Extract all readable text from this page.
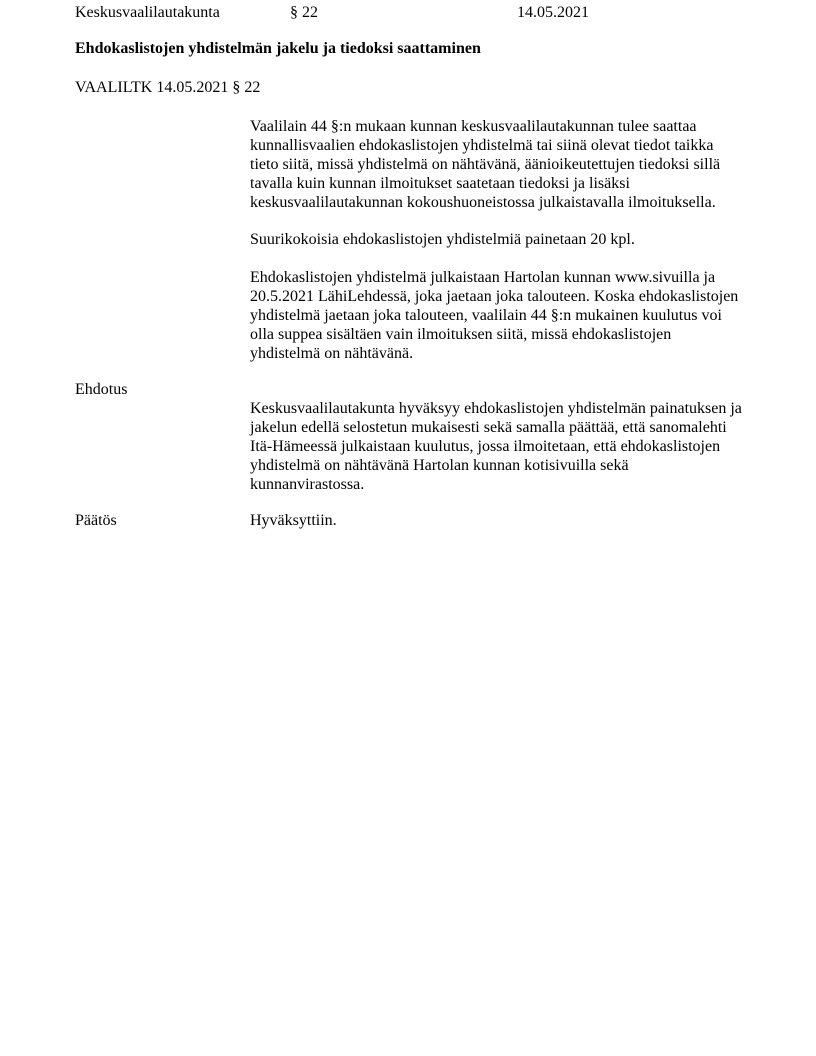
Keskusvaalilautakunta	§ 22	14.05.2021
Ehdokaslistojen yhdistelmän jakelu ja tiedoksi saattaminen
VAALILTK 14.05.2021 § 22

Vaalilain 44 §:n mukaan kunnan keskusvaalilautakunnan tulee saattaa kunnallisvaalien ehdokaslistojen yhdistelmä tai siinä olevat tiedot taikka tieto siitä, missä yhdistelmä on nähtävänä, äänioikeutettujen tiedoksi sillä tavalla kuin kunnan ilmoitukset saatetaan tiedoksi ja lisäksi keskusvaalilautakunnan kokoushuoneistossa julkaistavalla ilmoituksella.

Suurikokoisia ehdokaslistojen yhdistelmiä painetaan 20 kpl.

Ehdokaslistojen yhdistelmä julkaistaan Hartolan kunnan www.sivuilla ja 20.5.2021 LähiLehdessä, joka jaetaan joka talouteen. Koska ehdokaslistojen yhdistelmä jaetaan joka talouteen, vaalilain 44 §:n mukainen kuulutus voi olla suppea sisältäen vain ilmoituksen siitä, missä ehdokaslistojen yhdistelmä on nähtävänä.

Ehdotus

Keskusvaalilautakunta hyväksyy ehdokaslistojen yhdistelmän painatuksen ja jakelun edellä selostetun mukaisesti sekä samalla päättää, että sanomalehti Itä-Hämeessä julkaistaan kuulutus, jossa ilmoitetaan, että ehdokaslistojen yhdistelmä on nähtävänä Hartolan kunnan kotisivuilla sekä kunnanvirastossa.

Päätös	Hyväksyttiin.
